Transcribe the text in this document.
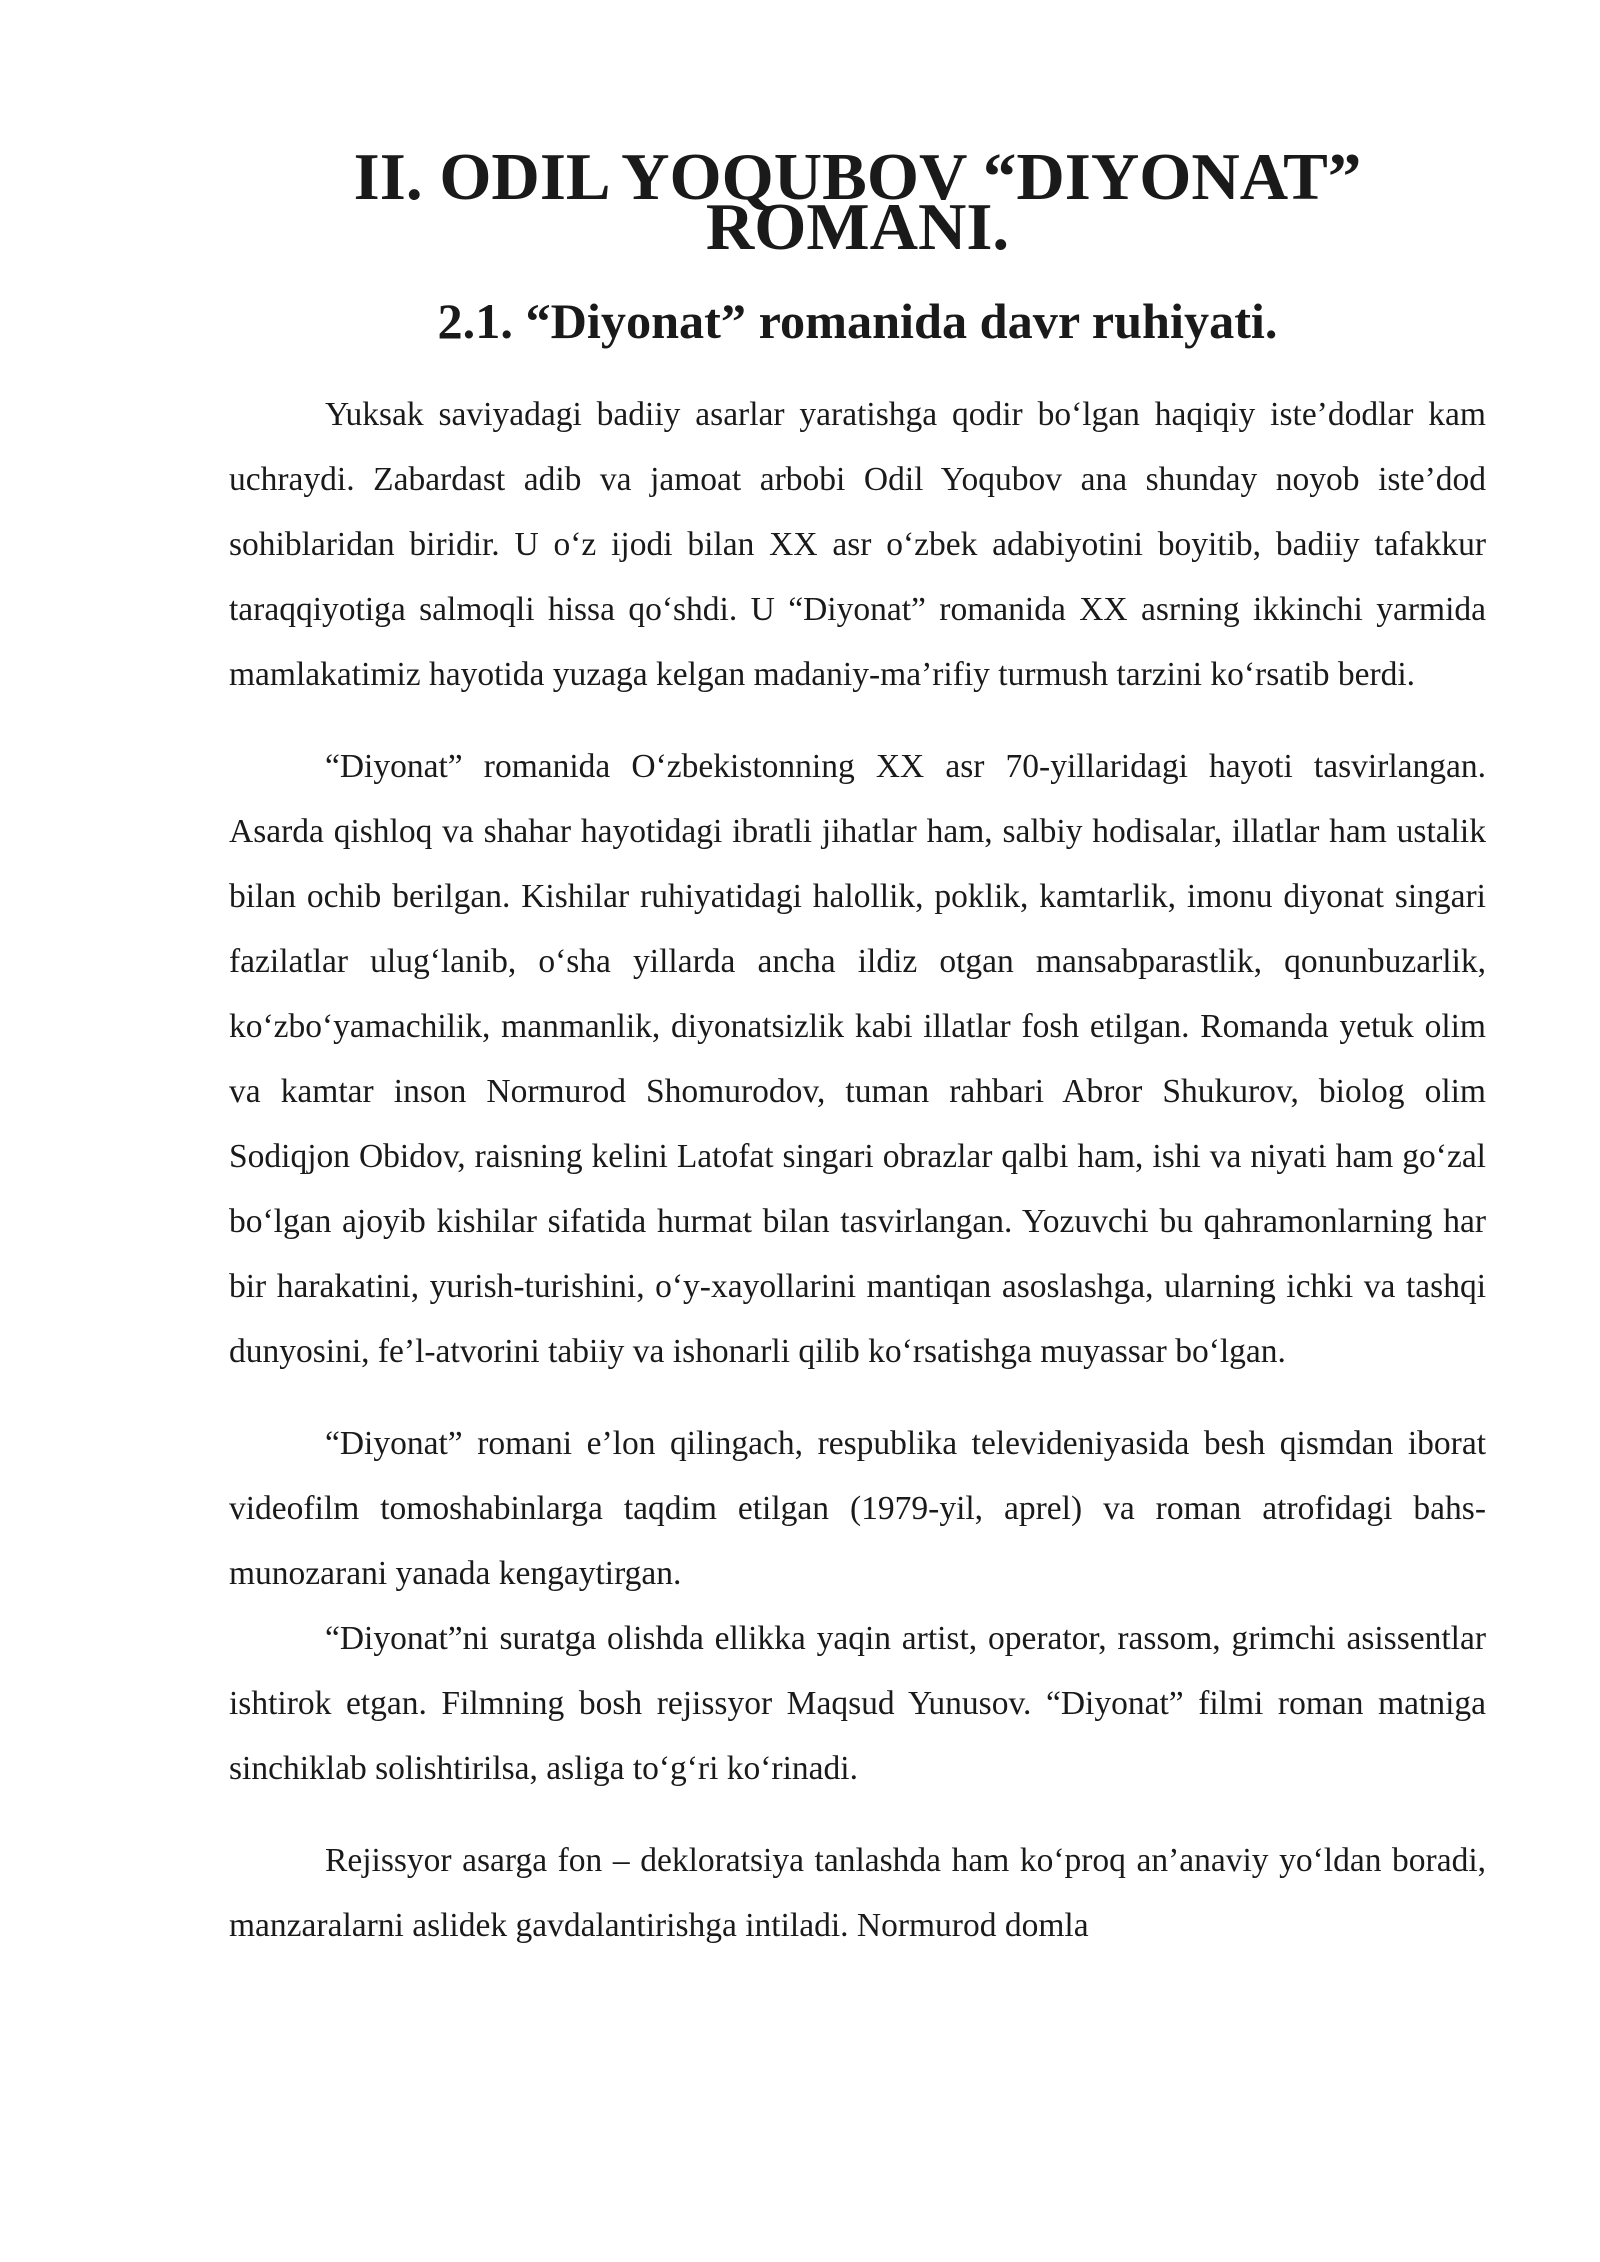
II. ODIL YOQUBOV “DIYONAT” ROMANI.
2.1. “Diyonat” romanida davr ruhiyati.

Yuksak saviyadagi badiiy asarlar yaratishga qodir bo‘lgan haqiqiy iste’dodlar kam uchraydi. Zabardast adib va jamoat arbobi Odil Yoqubov ana shunday noyob iste’dod sohiblaridan biridir. U o‘z ijodi bilan XX asr o‘zbek adabiyotini boyitib, badiiy tafakkur taraqqiyotiga salmoqli hissa qo‘shdi. U “Diyonat” romanida XX asrning ikkinchi yarmida mamlakatimiz hayotida yuzaga kelgan madaniy-ma’rifiy turmush tarzini ko‘rsatib berdi.

“Diyonat” romanida O‘zbekistonning XX asr 70-yillaridagi hayoti tasvirlangan. Asarda qishloq va shahar hayotidagi ibratli jihatlar ham, salbiy hodisalar, illatlar ham ustalik bilan ochib berilgan. Kishilar ruhiyatidagi halollik, poklik, kamtarlik, imonu diyonat singari fazilatlar ulug‘lanib, o‘sha yillarda ancha ildiz otgan mansabparastlik, qonunbuzarlik, ko‘zbo‘yamachilik, manmanlik, diyonatsizlik kabi illatlar fosh etilgan. Romanda yetuk olim va kamtar inson Normurod Shomurodov, tuman rahbari Abror Shukurov, biolog olim Sodiqjon Obidov, raisning kelini Latofat singari obrazlar qalbi ham, ishi va niyati ham go‘zal bo‘lgan ajoyib kishilar sifatida hurmat bilan tasvirlangan. Yozuvchi bu qahramonlarning har bir harakatini, yurish-turishini, o‘y-xayollarini mantiqan asoslashga, ularning ichki va tashqi dunyosini, fe’l-atvorini tabiiy va ishonarli qilib ko‘rsatishga muyassar bo‘lgan.

“Diyonat” romani e’lon qilingach, respublika televideniyasida besh qismdan iborat videofilm tomoshabinlarga taqdim etilgan (1979-yil, aprel) va roman atrofidagi bahs-munozarani yanada kengaytirgan.

“Diyonat”ni suratga olishda ellikka yaqin artist, operator, rassom, grimchi asissentlar ishtirok etgan. Filmning bosh rejissyor Maqsud Yunusov. “Diyonat” filmi roman matniga sinchiklab solishtirilsa, asliga to‘g‘ri ko‘rinadi.

Rejissyor asarga fon – dekloratsiya tanlashda ham ko‘proq an’anaviy yo‘ldan boradi, manzaralarni aslidek gavdalantirishga intiladi. Normurod domla
